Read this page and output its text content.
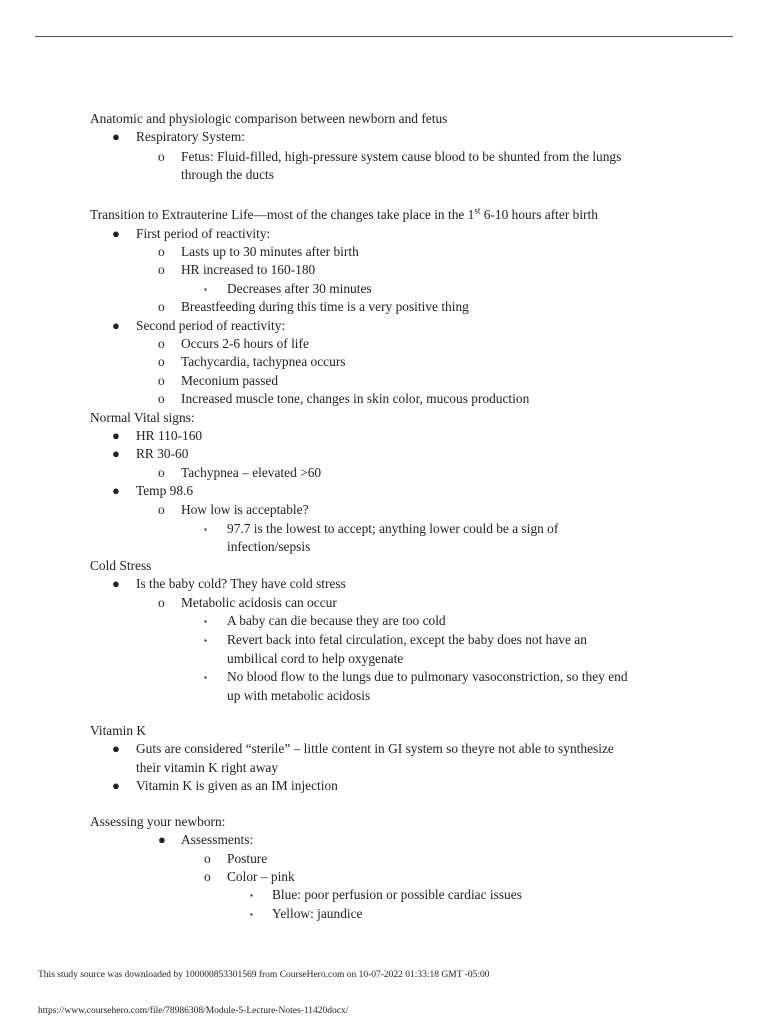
Anatomic and physiologic comparison between newborn and fetus
● Respiratory System:
o Fetus: Fluid-filled, high-pressure system cause blood to be shunted from the lungs
through the ducts
Transition to Extrauterine Life—most of the changes take place in the 1st 6-10 hours after birth
● First period of reactivity:
o Lasts up to 30 minutes after birth
o HR increased to 160-180
▪ Decreases after 30 minutes
o Breastfeeding during this time is a very positive thing
● Second period of reactivity:
o Occurs 2-6 hours of life
o Tachycardia, tachypnea occurs
o Meconium passed
o Increased muscle tone, changes in skin color, mucous production
Normal Vital signs:
● HR 110-160
● RR 30-60
o Tachypnea – elevated >60
● Temp 98.6
o How low is acceptable?
▪ 97.7 is the lowest to accept; anything lower could be a sign of
infection/sepsis
Cold Stress
● Is the baby cold? They have cold stress
o Metabolic acidosis can occur
▪ A baby can die because they are too cold
▪ Revert back into fetal circulation, except the baby does not have an
umbilical cord to help oxygenate
▪ No blood flow to the lungs due to pulmonary vasoconstriction, so they end
up with metabolic acidosis
Vitamin K
● Guts are considered “sterile” – little content in GI system so theyre not able to synthesize
their vitamin K right away
● Vitamin K is given as an IM injection
Assessing your newborn:
● Assessments:
o Posture
o Color – pink
▪ Blue: poor perfusion or possible cardiac issues
▪ Yellow: jaundice
This study source was downloaded by 100000853301569 from CourseHero.com on 10-07-2022 01:33:18 GMT -05:00
https://www.coursehero.com/file/78986308/Module-5-Lecture-Notes-11420docx/
